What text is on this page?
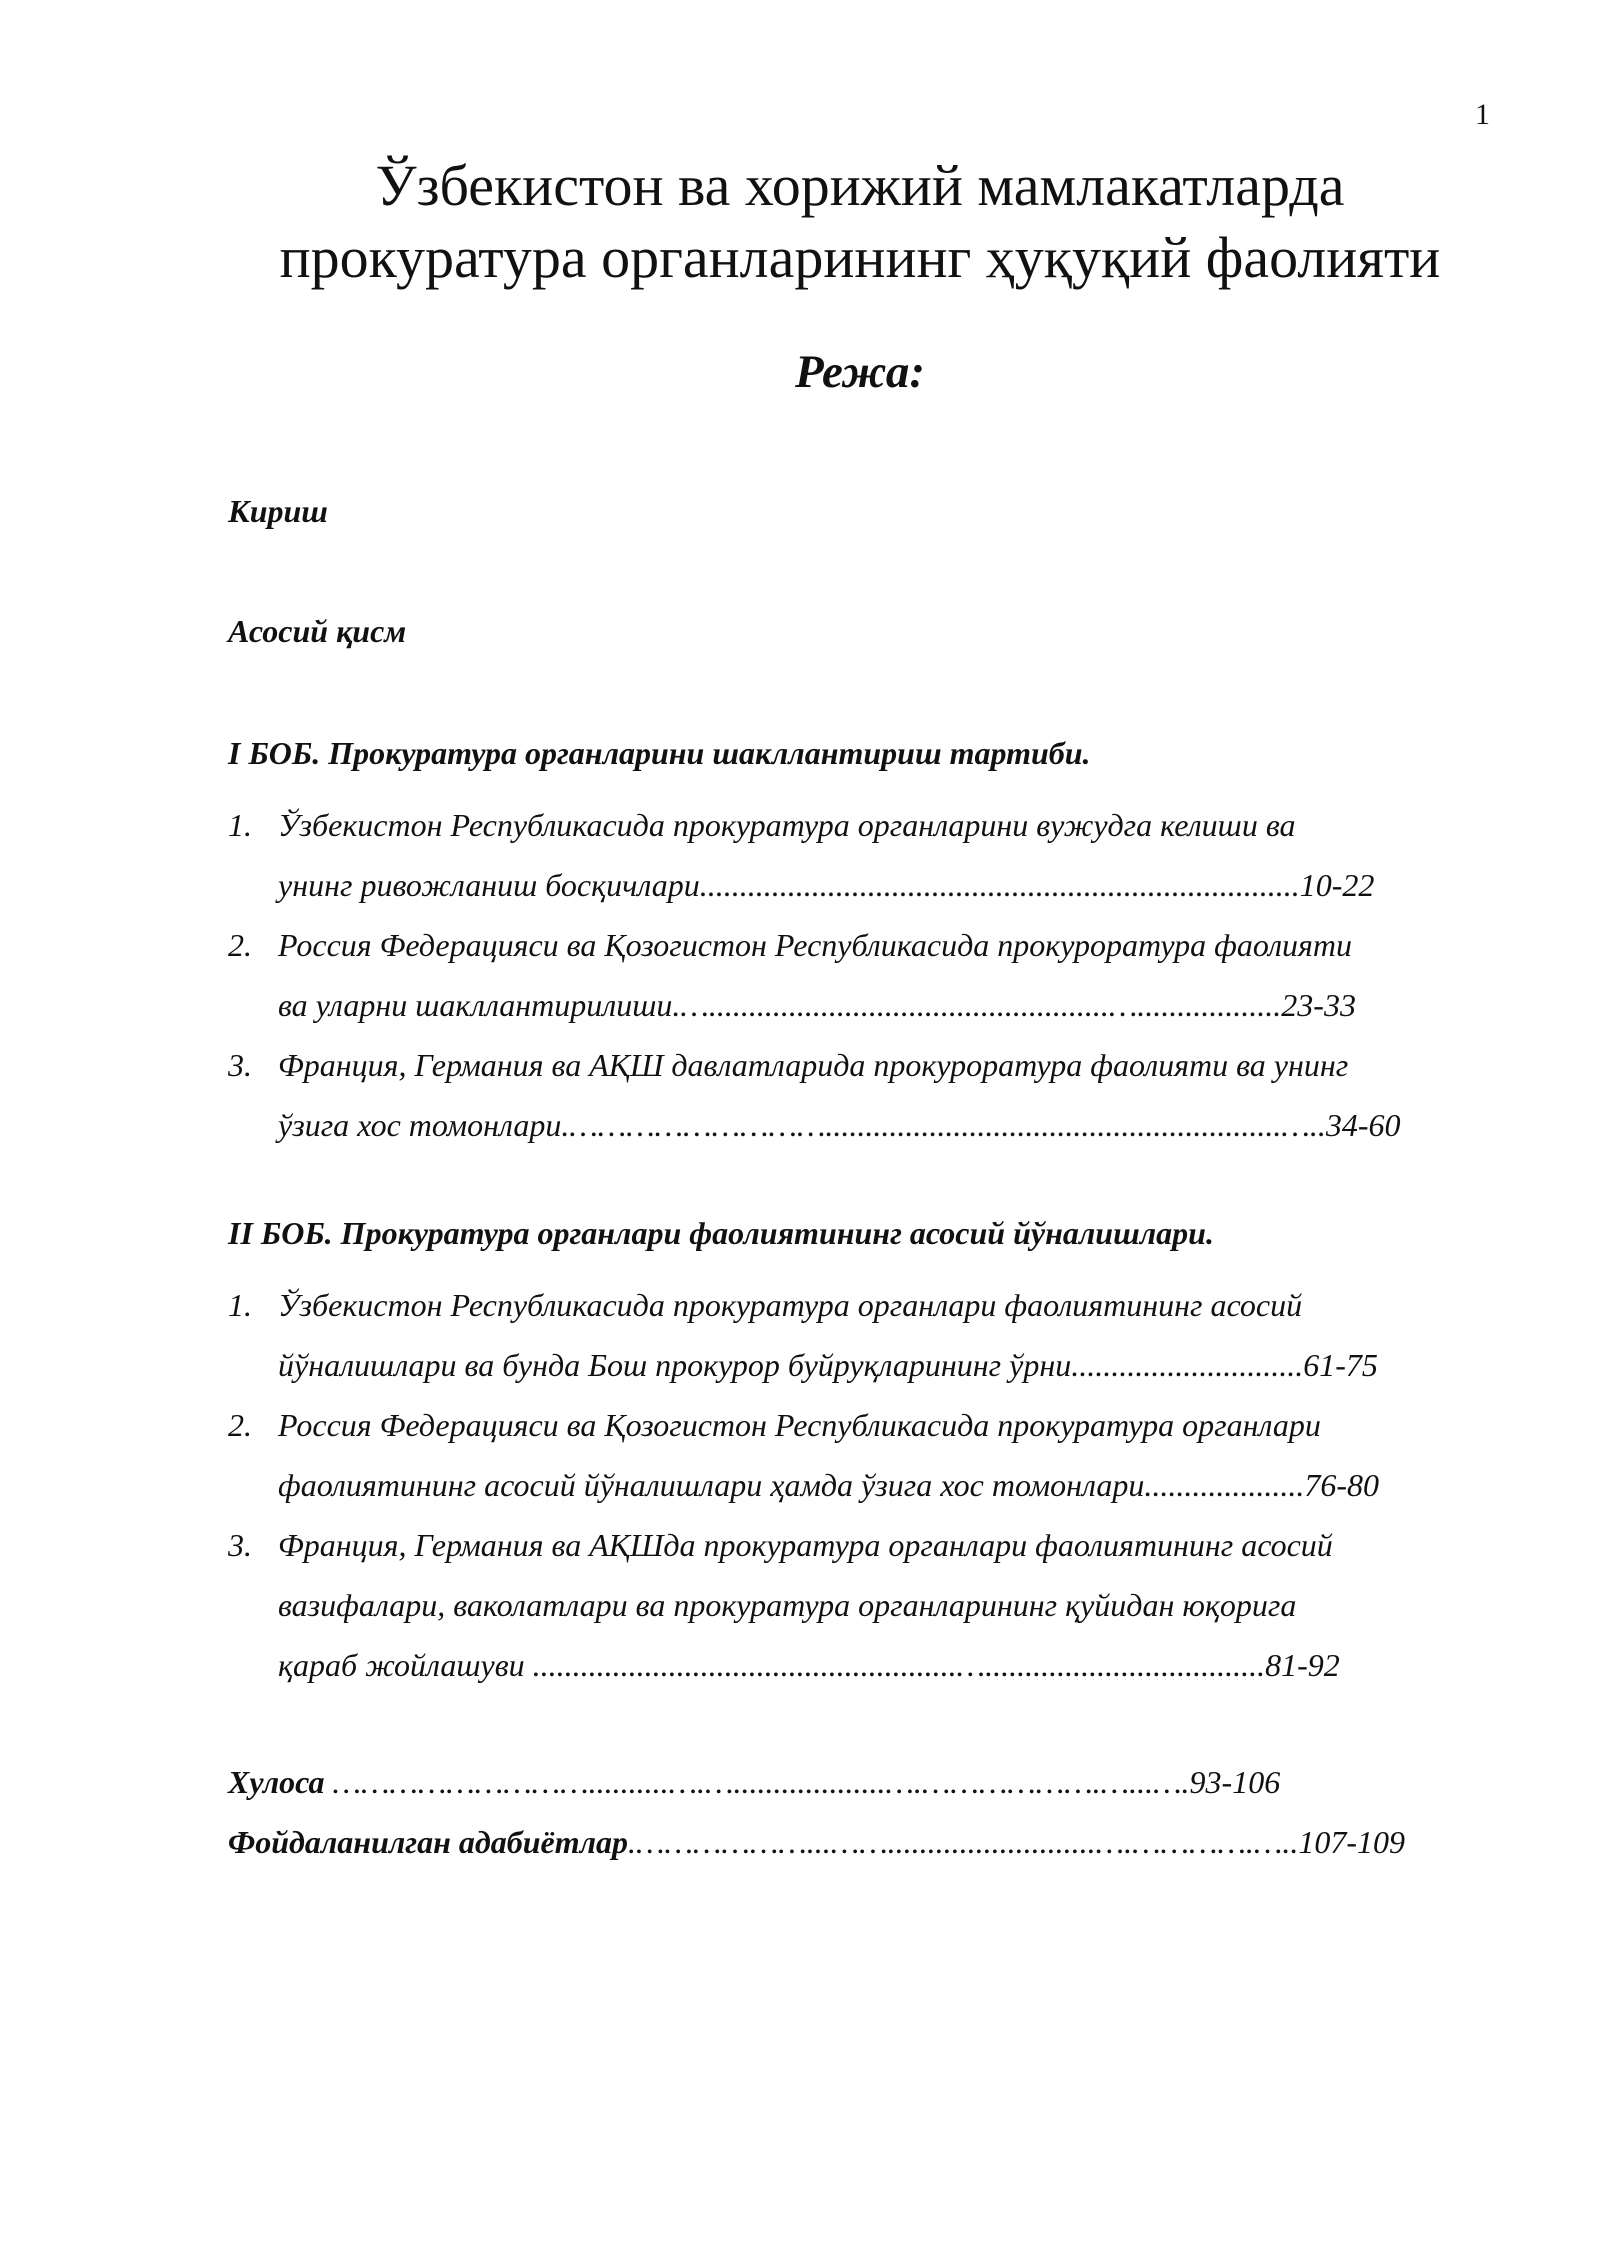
1
Ўзбекистон ва хорижий мамлакатларда
прокуратура органларининг ҳуқуқий фаолияти
Режа:
Кириш
Асосий қисм
I БОБ. Прокуратура органларини шакллантириш тартиби.
1. Ўзбекистон Республикасида прокуратура органларини вужудга келиши ва
унинг ривожланиш босқичлари...........................................................................10-22
2. Россия Федерацияси ва Қозогистон Республикасида прокуроратура фаолияти
ва уларни шакллантирилиши.…..................................................…..................23-33
3. Франция, Германия ва АҚШ давлатларида прокуроратура фаолияти ва унинг
ўзига хос томонлари.……………………….........................................................…..34-60
II БОБ. Прокуратура органлари фаолиятининг асосий йўналишлари.
1. Ўзбекистон Республикасида прокуратура органлари фаолиятининг асосий
йўналишлари ва бунда Бош прокурор буйруқларининг ўрни.............................61-75
2. Россия Федерацияси ва Қозогистон Республикасида прокуратура органлари
фаолиятининг асосий йўналишлари ҳамда ўзига хос томонлари....................76-80
3. Франция, Германия ва АҚШда прокуратура органлари фаолиятининг асосий
вазифалари, ваколатлари ва прокуратура органларининг қуйидан юқорига
қараб жойлашуви .....................................................…...................................81-92
Хулоса ………………………..........….…...................….……………….…...….93-106
Фойдаланилган адабиётлар.………………...……..........................….………….…..107-109
